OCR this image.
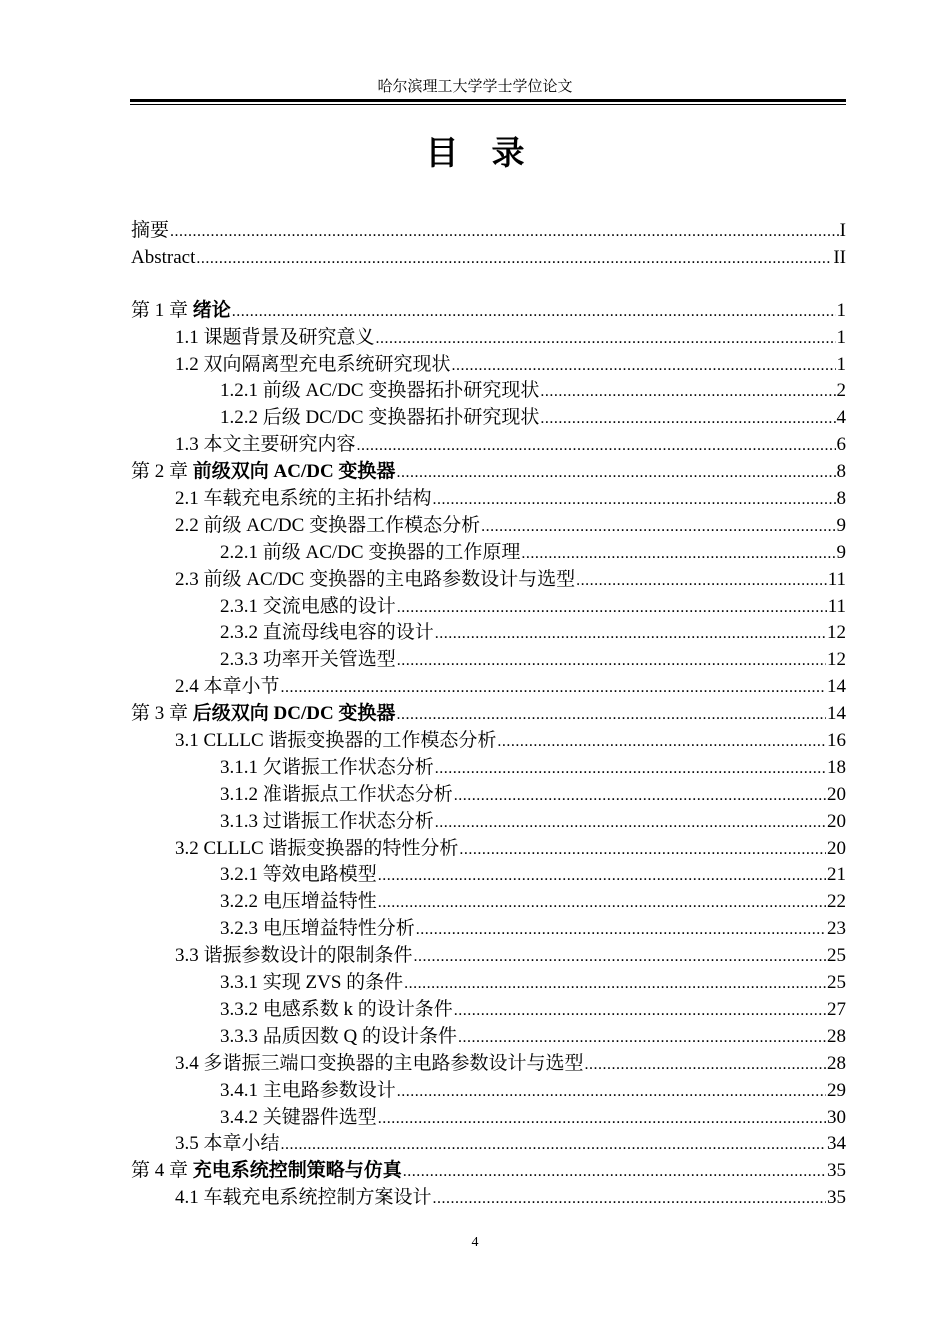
哈尔滨理工大学学士学位论文
目　录
摘要 .....	I
Abstract .....	II
第 1 章 绪论 .....	1
1.1 课题背景及研究意义 .....	1
1.2 双向隔离型充电系统研究现状 .....	1
1.2.1 前级 AC/DC 变换器拓扑研究现状 .....	2
1.2.2 后级 DC/DC 变换器拓扑研究现状 .....	4
1.3 本文主要研究内容 .....	6
第 2 章 前级双向 AC/DC 变换器 .....	8
2.1 车载充电系统的主拓扑结构 .....	8
2.2 前级 AC/DC 变换器工作模态分析 .....	9
2.2.1 前级 AC/DC 变换器的工作原理 .....	9
2.3 前级 AC/DC 变换器的主电路参数设计与选型 .....	11
2.3.1 交流电感的设计 .....	11
2.3.2 直流母线电容的设计 .....	12
2.3.3 功率开关管选型 .....	12
2.4 本章小节 .....	14
第 3 章 后级双向 DC/DC 变换器 .....	14
3.1 CLLLC 谐振变换器的工作模态分析 .....	16
3.1.1 欠谐振工作状态分析 .....	18
3.1.2 准谐振点工作状态分析 .....	20
3.1.3 过谐振工作状态分析 .....	20
3.2 CLLLC 谐振变换器的特性分析 .....	20
3.2.1 等效电路模型 .....	21
3.2.2 电压增益特性 .....	22
3.2.3 电压增益特性分析 .....	23
3.3 谐振参数设计的限制条件 .....	25
3.3.1 实现 ZVS 的条件 .....	25
3.3.2 电感系数 k 的设计条件 .....	27
3.3.3 品质因数 Q 的设计条件 .....	28
3.4 多谐振三端口变换器的主电路参数设计与选型 .....	28
3.4.1 主电路参数设计 .....	29
3.4.2 关键器件选型 .....	30
3.5 本章小结 .....	34
第 4 章 充电系统控制策略与仿真 .....	35
4.1 车载充电系统控制方案设计 .....	35
4
